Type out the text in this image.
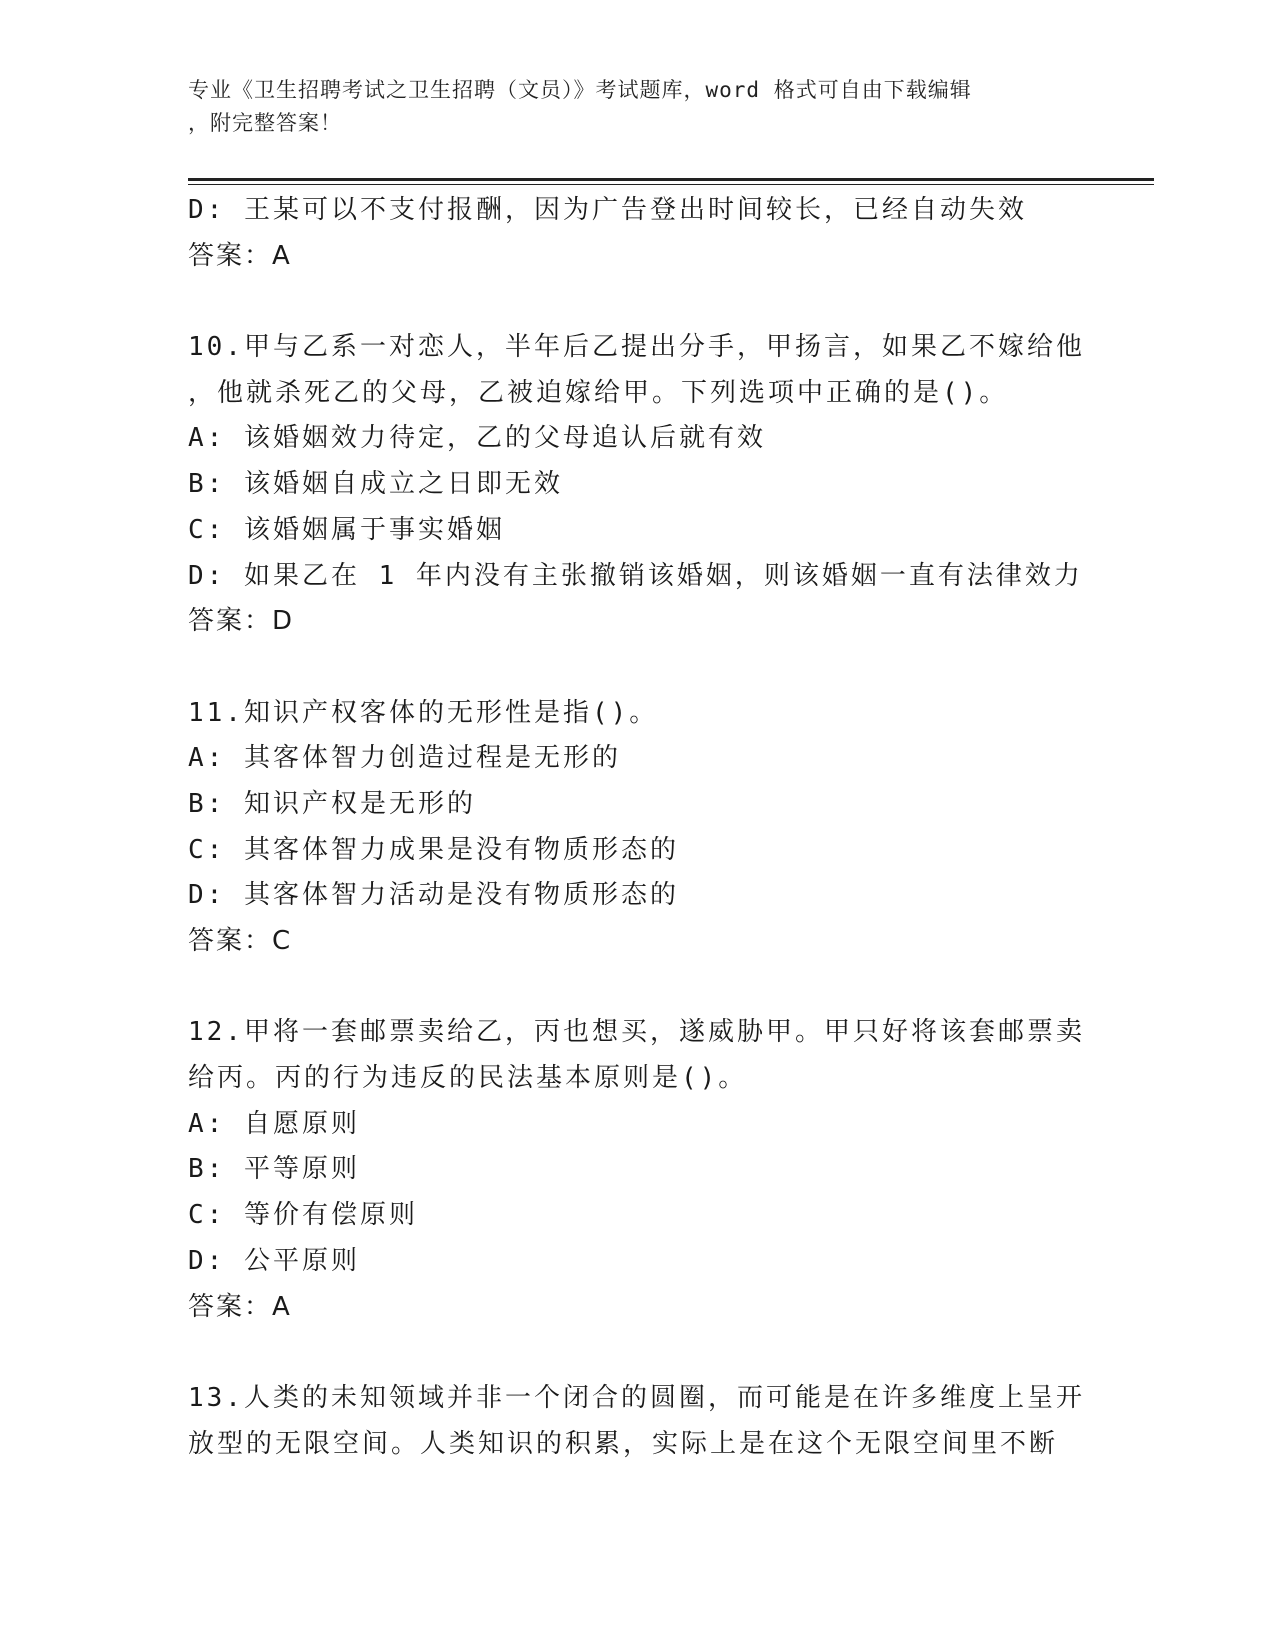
专业《卫生招聘考试之卫生招聘（文员）》考试题库，word 格式可自由下载编辑
，附完整答案！
D: 王某可以不支付报酬，因为广告登出时间较长，已经自动失效
答案：A
10.甲与乙系一对恋人，半年后乙提出分手，甲扬言，如果乙不嫁给他
，他就杀死乙的父母，乙被迫嫁给甲。下列选项中正确的是()。
A: 该婚姻效力待定，乙的父母追认后就有效
B: 该婚姻自成立之日即无效
C: 该婚姻属于事实婚姻
D: 如果乙在 1 年内没有主张撤销该婚姻，则该婚姻一直有法律效力
答案：D
11.知识产权客体的无形性是指()。
A: 其客体智力创造过程是无形的
B: 知识产权是无形的
C: 其客体智力成果是没有物质形态的
D: 其客体智力活动是没有物质形态的
答案：C
12.甲将一套邮票卖给乙，丙也想买，遂威胁甲。甲只好将该套邮票卖
给丙。丙的行为违反的民法基本原则是()。
A: 自愿原则
B: 平等原则
C: 等价有偿原则
D: 公平原则
答案：A
13.人类的未知领域并非一个闭合的圆圈，而可能是在许多维度上呈开
放型的无限空间。人类知识的积累，实际上是在这个无限空间里不断
